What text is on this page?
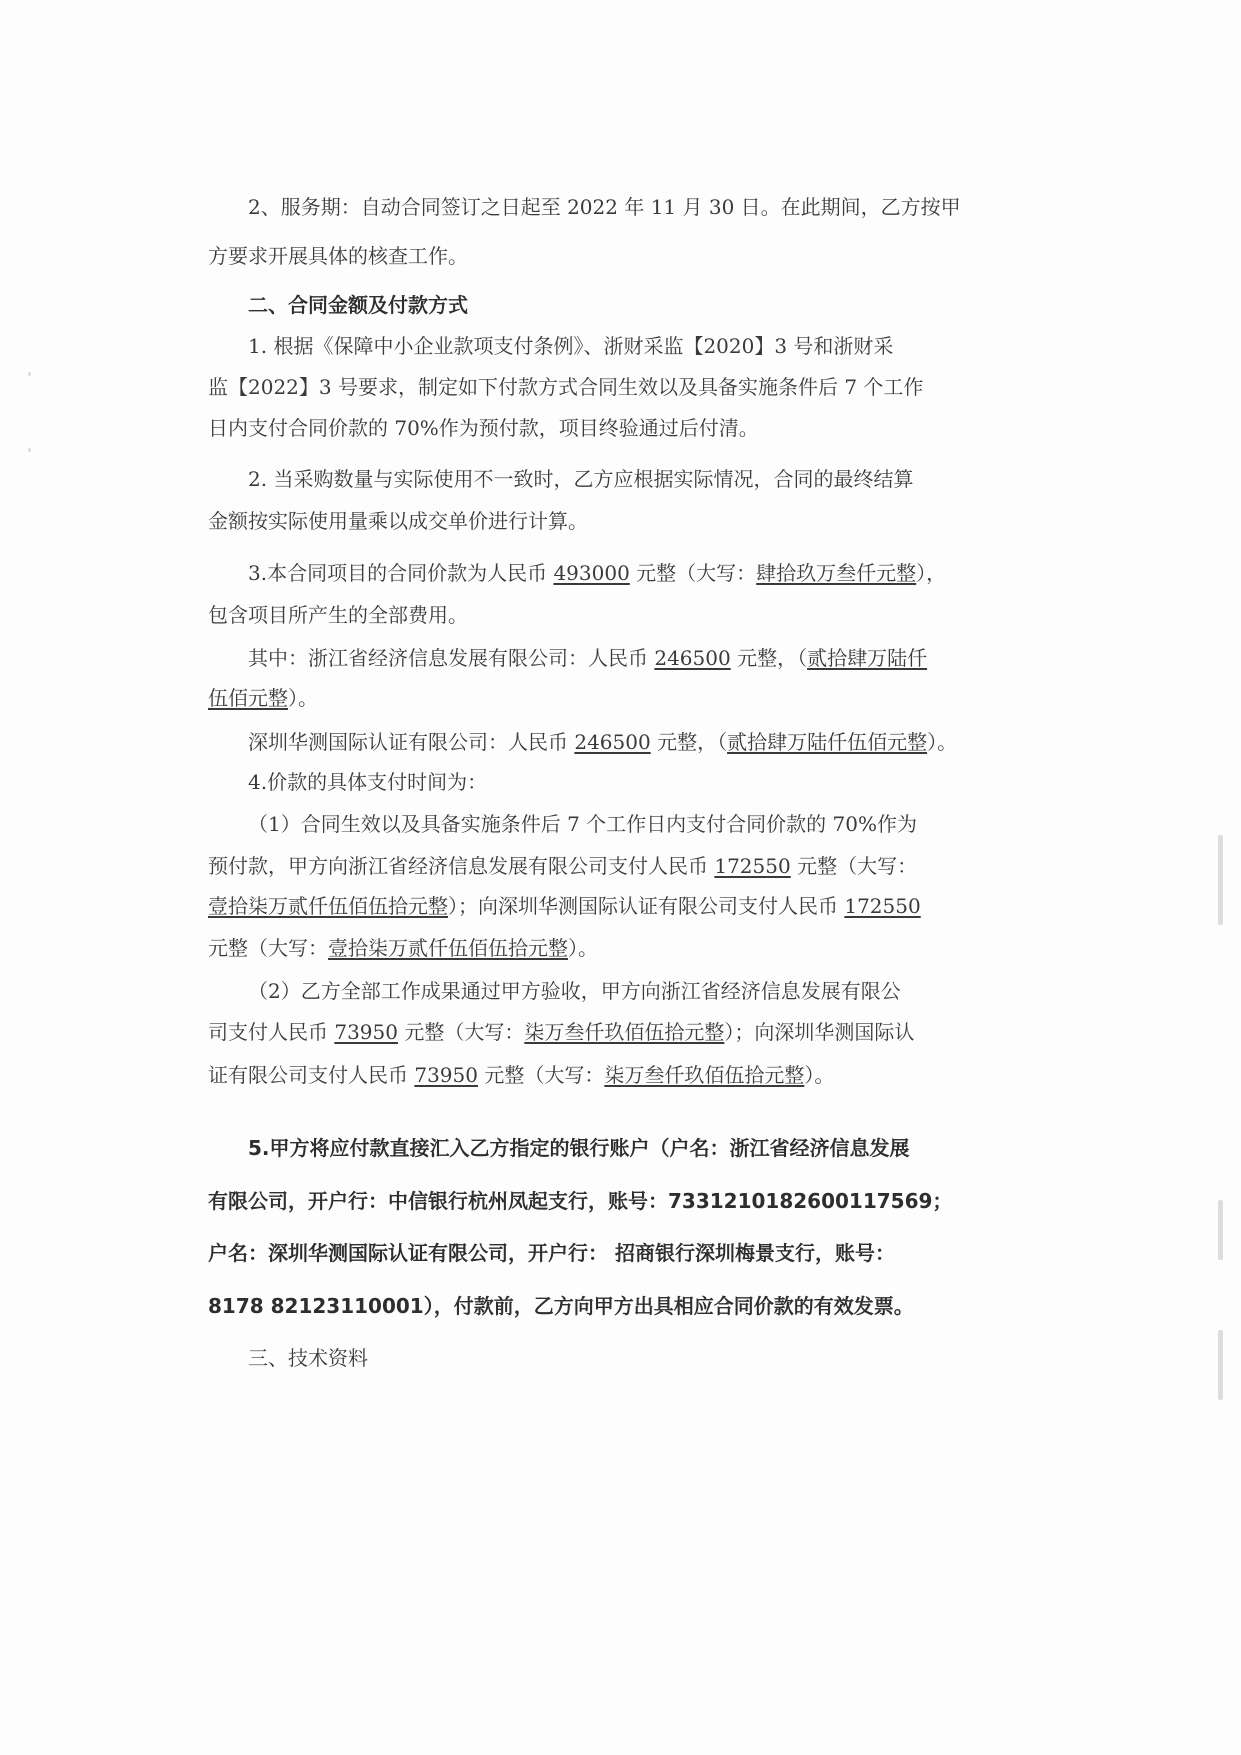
2、服务期：自动合同签订之日起至 2022 年 11 月 30 日。在此期间，乙方按甲
方要求开展具体的核查工作。
二、合同金额及付款方式
1. 根据《保障中小企业款项支付条例》、浙财采监【2020】3 号和浙财采
监【2022】3 号要求，制定如下付款方式合同生效以及具备实施条件后 7 个工作
日内支付合同价款的 70%作为预付款，项目终验通过后付清。
2. 当采购数量与实际使用不一致时，乙方应根据实际情况，合同的最终结算
金额按实际使用量乘以成交单价进行计算。
3.本合同项目的合同价款为人民币 493000 元整（大写：肆拾玖万叁仟元整），
包含项目所产生的全部费用。
其中：浙江省经济信息发展有限公司：人民币 246500 元整，（贰拾肆万陆仟
伍佰元整）。
深圳华测国际认证有限公司：人民币 246500 元整，（贰拾肆万陆仟伍佰元整）。
4.价款的具体支付时间为：
（1）合同生效以及具备实施条件后 7 个工作日内支付合同价款的 70%作为
预付款，甲方向浙江省经济信息发展有限公司支付人民币 172550 元整（大写：
壹拾柒万贰仟伍佰伍拾元整）；向深圳华测国际认证有限公司支付人民币 172550
元整（大写：壹拾柒万贰仟伍佰伍拾元整）。
（2）乙方全部工作成果通过甲方验收，甲方向浙江省经济信息发展有限公
司支付人民币 73950 元整（大写：柒万叁仟玖佰伍拾元整）；向深圳华测国际认
证有限公司支付人民币 73950 元整（大写：柒万叁仟玖佰伍拾元整）。
5.甲方将应付款直接汇入乙方指定的银行账户（户名：浙江省经济信息发展
有限公司，开户行：中信银行杭州凤起支行，账号：7331210182600117569；
户名：深圳华测国际认证有限公司，开户行： 招商银行深圳梅景支行，账号：
8178 82123110001），付款前，乙方向甲方出具相应合同价款的有效发票。
三、技术资料
